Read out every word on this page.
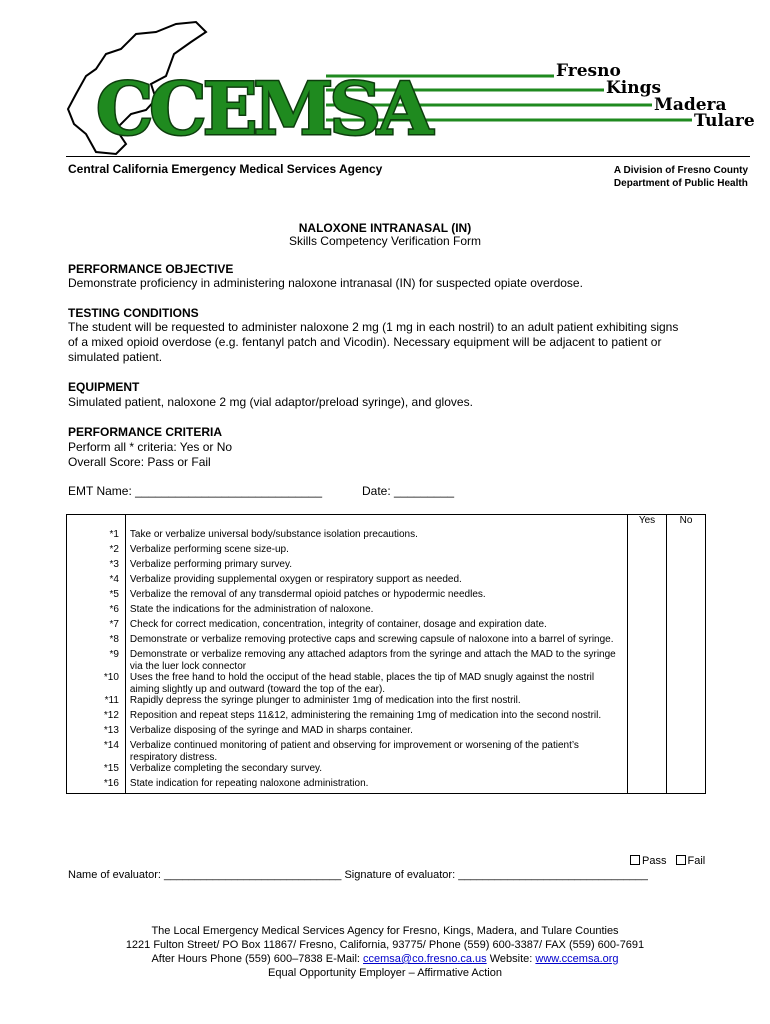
CCEMSA	Fresno
Kings
Madera
Tulare
Central California Emergency Medical Services Agency	A Division of Fresno County
Department of Public Health
NALOXONE INTRANASAL (IN)
Skills Competency Verification Form
PERFORMANCE OBJECTIVE
Demonstrate proficiency in administering naloxone intranasal (IN) for suspected opiate overdose.
TESTING CONDITIONS
The student will be requested to administer naloxone 2 mg (1 mg in each nostril) to an adult patient exhibiting signs of a mixed opioid overdose (e.g. fentanyl patch and Vicodin). Necessary equipment will be adjacent to patient or simulated patient.
EQUIPMENT
Simulated patient, naloxone 2 mg (vial adaptor/preload syringe), and gloves.
PERFORMANCE CRITERIA
Perform all * criteria: Yes or No
Overall Score: Pass or Fail
EMT Name: ____________________________	Date: _________
		Yes	No
*1	Take or verbalize universal body/substance isolation precautions.		
*2	Verbalize performing scene size-up.		
*3	Verbalize performing primary survey.		
*4	Verbalize providing supplemental oxygen or respiratory support as needed.		
*5	Verbalize the removal of any transdermal opioid patches or hypodermic needles.		
*6	State the indications for the administration of naloxone.		
*7	Check for correct medication, concentration, integrity of container, dosage and expiration date.		
*8	Demonstrate or verbalize removing protective caps and screwing capsule of naloxone into a barrel of syringe.		
*9	Demonstrate or verbalize removing any attached adaptors from the syringe and attach the MAD to the syringe via the luer lock connector		
*10	Uses the free hand to hold the occiput of the head stable, places the tip of MAD snugly against the nostril aiming slightly up and outward (toward the top of the ear).		
*11	Rapidly depress the syringe plunger to administer 1mg of medication into the first nostril.		
*12	Reposition and repeat steps 11&12, administering the remaining 1mg of medication into the second nostril.		
*13	Verbalize disposing of the syringe and MAD in sharps container.		
*14	Verbalize continued monitoring of patient and observing for improvement or worsening of the patient’s respiratory distress.		
*15	Verbalize completing the secondary survey.		
*16	State indication for repeating naloxone administration.		
Pass Fail
Name of evaluator: _____________________________ Signature of evaluator: _______________________________
The Local Emergency Medical Services Agency for Fresno, Kings, Madera, and Tulare Counties
1221 Fulton Street/ PO Box 11867/ Fresno, California, 93775/ Phone (559) 600-3387/ FAX (559) 600-7691
After Hours Phone (559) 600–7838 E-Mail: ccemsa@co.fresno.ca.us Website: www.ccemsa.org
Equal Opportunity Employer – Affirmative Action
